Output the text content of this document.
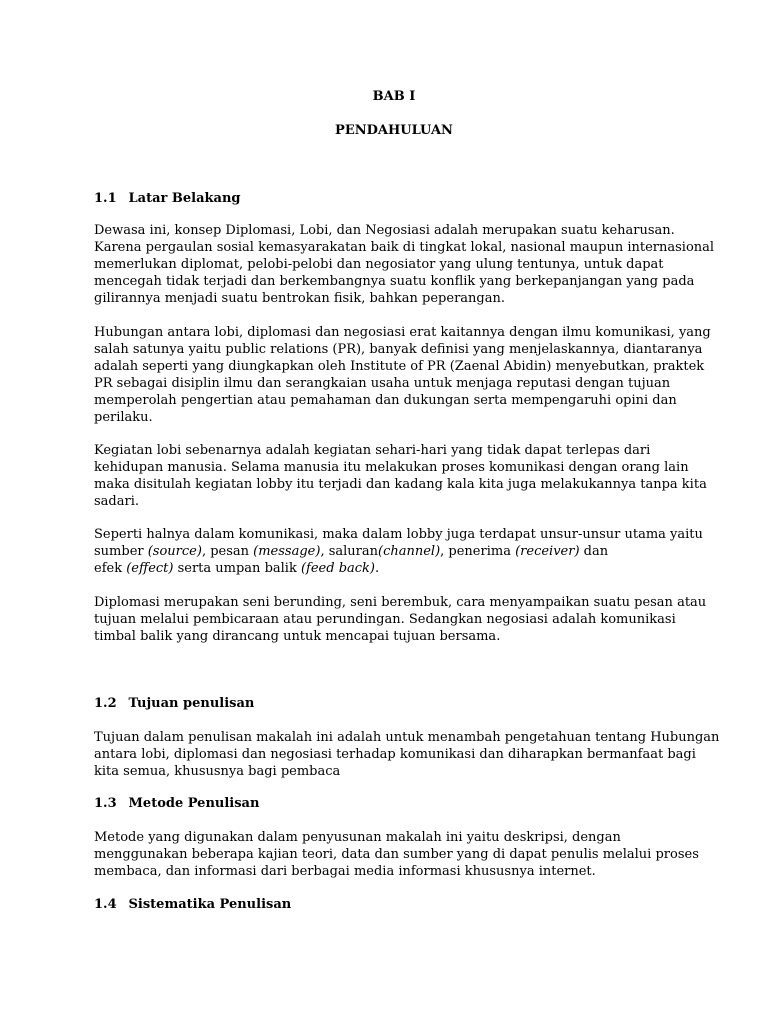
BAB I
PENDAHULUAN
1.1 Latar Belakang
Dewasa ini, konsep Diplomasi, Lobi, dan Negosiasi adalah merupakan suatu keharusan.
Karena pergaulan sosial kemasyarakatan baik di tingkat lokal, nasional maupun internasional
memerlukan diplomat, pelobi-pelobi dan negosiator yang ulung tentunya, untuk dapat
mencegah tidak terjadi dan berkembangnya suatu konflik yang berkepanjangan yang pada
gilirannya menjadi suatu bentrokan fisik, bahkan peperangan.
Hubungan antara lobi, diplomasi dan negosiasi erat kaitannya dengan ilmu komunikasi, yang
salah satunya yaitu public relations (PR), banyak definisi yang menjelaskannya, diantaranya
adalah seperti yang diungkapkan oleh Institute of PR (Zaenal Abidin) menyebutkan, praktek
PR sebagai disiplin ilmu dan serangkaian usaha untuk menjaga reputasi dengan tujuan
memperolah pengertian atau pemahaman dan dukungan serta mempengaruhi opini dan
perilaku.
Kegiatan lobi sebenarnya adalah kegiatan sehari-hari yang tidak dapat terlepas dari
kehidupan manusia. Selama manusia itu melakukan proses komunikasi dengan orang lain
maka disitulah kegiatan lobby itu terjadi dan kadang kala kita juga melakukannya tanpa kita
sadari.
Seperti halnya dalam komunikasi, maka dalam lobby juga terdapat unsur-unsur utama yaitu
sumber (source), pesan (message), saluran(channel), penerima (receiver) dan
efek (effect) serta umpan balik (feed back).
Diplomasi merupakan seni berunding, seni berembuk, cara menyampaikan suatu pesan atau
tujuan melalui pembicaraan atau perundingan. Sedangkan negosiasi adalah komunikasi
timbal balik yang dirancang untuk mencapai tujuan bersama.
1.2 Tujuan penulisan
Tujuan dalam penulisan makalah ini adalah untuk menambah pengetahuan tentang Hubungan
antara lobi, diplomasi dan negosiasi terhadap komunikasi dan diharapkan bermanfaat bagi
kita semua, khususnya bagi pembaca
1.3 Metode Penulisan
Metode yang digunakan dalam penyusunan makalah ini yaitu deskripsi, dengan
menggunakan beberapa kajian teori, data dan sumber yang di dapat penulis melalui proses
membaca, dan informasi dari berbagai media informasi khususnya internet.
1.4 Sistematika Penulisan
